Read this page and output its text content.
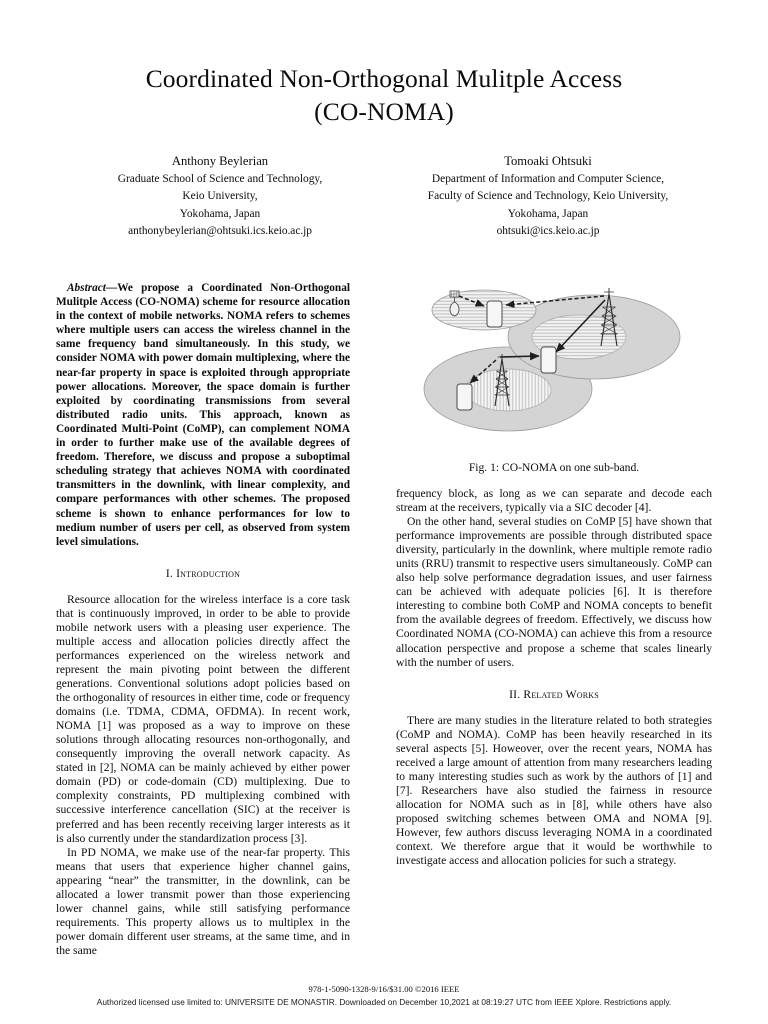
Coordinated Non-Orthogonal Mulitple Access
(CO-NOMA)
Anthony Beylerian
Graduate School of Science and Technology,
Keio University,
Yokohama, Japan
anthonybeylerian@ohtsuki.ics.keio.ac.jp
Tomoaki Ohtsuki
Department of Information and Computer Science,
Faculty of Science and Technology, Keio University,
Yokohama, Japan
ohtsuki@ics.keio.ac.jp

Abstract—We propose a Coordinated Non-Orthogonal Mulitple Access (CO-NOMA) scheme for resource allocation in the context of mobile networks. NOMA refers to schemes where multiple users can access the wireless channel in the same frequency band simultaneously. In this study, we consider NOMA with power domain multiplexing, where the near-far property in space is exploited through appropriate power allocations. Moreover, the space domain is further exploited by coordinating transmissions from several distributed radio units. This approach, known as Coordinated Multi-Point (CoMP), can complement NOMA in order to further make use of the available degrees of freedom. Therefore, we discuss and propose a suboptimal scheduling strategy that achieves NOMA with coordinated transmitters in the downlink, with linear complexity, and compare performances with other schemes. The proposed scheme is shown to enhance performances for low to medium number of users per cell, as observed from system level simulations.

I. Introduction

Resource allocation for the wireless interface is a core task that is continuously improved, in order to be able to provide mobile network users with a pleasing user experience. The multiple access and allocation policies directly affect the performances experienced on the wireless network and represent the main pivoting point between the different generations. Conventional solutions adopt policies based on the orthogonality of resources in either time, code or frequency domains (i.e. TDMA, CDMA, OFDMA). In recent work, NOMA [1] was proposed as a way to improve on these solutions through allocating resources non-orthogonally, and consequently improving the overall network capacity. As stated in [2], NOMA can be mainly achieved by either power domain (PD) or code-domain (CD) multiplexing. Due to complexity constraints, PD multiplexing combined with successive interference cancellation (SIC) at the receiver is preferred and has been recently receiving larger interests as it is also currently under the standardization process [3].

In PD NOMA, we make use of the near-far property. This means that users that experience higher channel gains, appearing “near” the transmitter, in the downlink, can be allocated a lower transmit power than those experiencing lower channel gains, while still satisfying performance requirements. This property allows us to multiplex in the power domain different user streams, at the same time, and in the same

Fig. 1: CO-NOMA on one sub-band.

frequency block, as long as we can separate and decode each stream at the receivers, typically via a SIC decoder [4].

On the other hand, several studies on CoMP [5] have shown that performance improvements are possible through distributed space diversity, particularly in the downlink, where multiple remote radio units (RRU) transmit to respective users simultaneously. CoMP can also help solve performance degradation issues, and user fairness can be achieved with adequate policies [6]. It is therefore interesting to combine both CoMP and NOMA concepts to benefit from the available degrees of freedom. Effectively, we discuss how Coordinated NOMA (CO-NOMA) can achieve this from a resource allocation perspective and propose a scheme that scales linearly with the number of users.

II. Related Works

There are many studies in the literature related to both strategies (CoMP and NOMA). CoMP has been heavily researched in its several aspects [5]. Howeover, over the recent years, NOMA has received a large amount of attention from many researchers leading to many interesting studies such as work by the authors of [1] and [7]. Researchers have also studied the fairness in resource allocation for NOMA such as in [8], while others have also proposed switching schemes between OMA and NOMA [9]. However, few authors discuss leveraging NOMA in a coordinated context. We therefore argue that it would be worthwhile to investigate access and allocation policies for such a strategy.

978-1-5090-1328-9/16/$31.00 ©2016 IEEE
Authorized licensed use limited to: UNIVERSITE DE MONASTIR. Downloaded on December 10,2021 at 08:19:27 UTC from IEEE Xplore. Restrictions apply.
